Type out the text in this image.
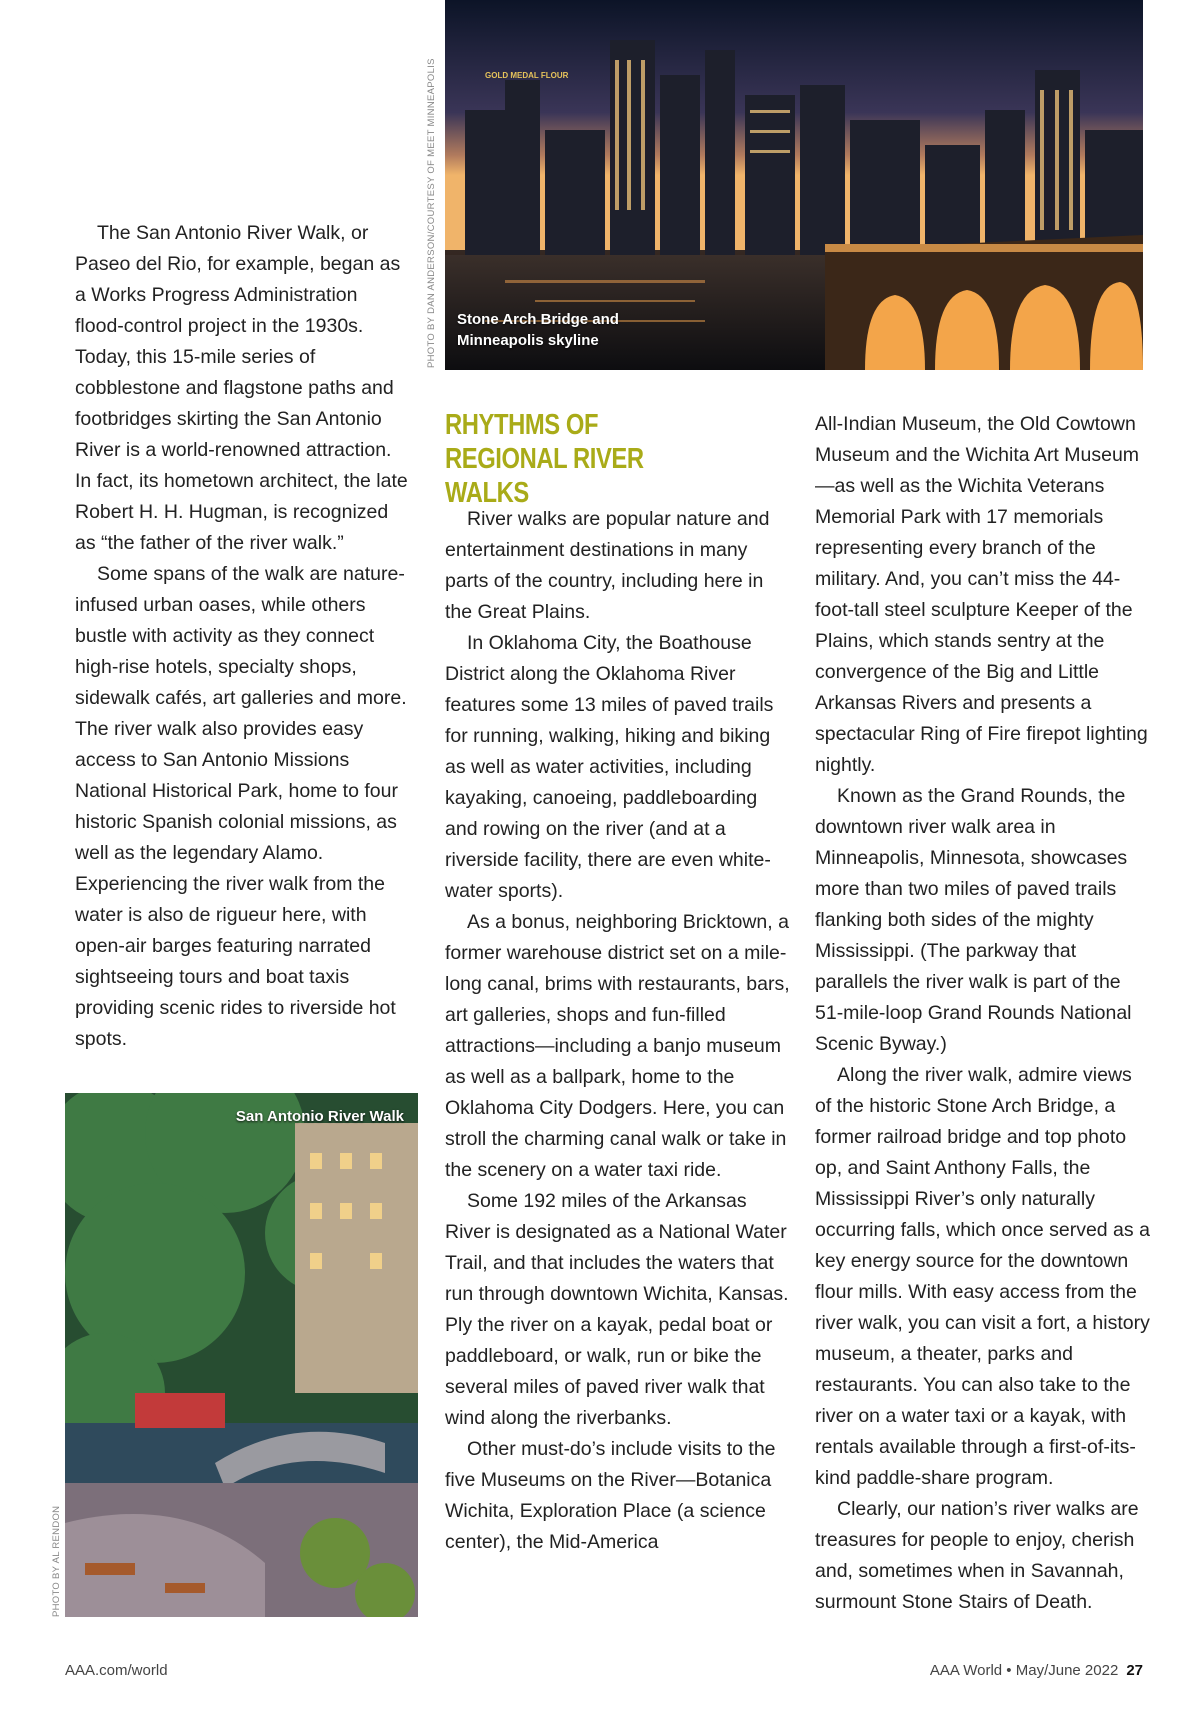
GOLD MEDAL FLOUR
Stone Arch Bridge and Minneapolis skyline
PHOTO BY DAN ANDERSON/COURTESY OF MEET MINNEAPOLIS

The San Antonio River Walk, or Paseo del Rio, for example, began as a Works Progress Administration flood-control project in the 1930s. Today, this 15-mile series of cobblestone and flagstone paths and footbridges skirting the San Antonio River is a world-renowned attraction. In fact, its hometown architect, the late Robert H. H. Hugman, is recognized as “the father of the river walk.”

Some spans of the walk are nature-infused urban oases, while others bustle with activity as they connect high-rise hotels, specialty shops, sidewalk cafés, art galleries and more. The river walk also provides easy access to San Antonio Missions National Historical Park, home to four historic Spanish colonial missions, as well as the legendary Alamo. Experiencing the river walk from the water is also de rigueur here, with open-air barges featuring narrated sightseeing tours and boat taxis providing scenic rides to riverside hot spots.

San Antonio River Walk
PHOTO BY AL RENDON
RHYTHMS OF REGIONAL RIVER WALKS

River walks are popular nature and entertainment destinations in many parts of the country, including here in the Great Plains.

In Oklahoma City, the Boathouse District along the Oklahoma River features some 13 miles of paved trails for running, walking, hiking and biking as well as water activities, including kayaking, canoeing, paddleboarding and rowing on the river (and at a riverside facility, there are even white-water sports).

As a bonus, neighboring Bricktown, a former warehouse district set on a mile-long canal, brims with restaurants, bars, art galleries, shops and fun-filled attractions—including a banjo museum as well as a ballpark, home to the Oklahoma City Dodgers. Here, you can stroll the charming canal walk or take in the scenery on a water taxi ride.

Some 192 miles of the Arkansas River is designated as a National Water Trail, and that includes the waters that run through downtown Wichita, Kansas. Ply the river on a kayak, pedal boat or paddleboard, or walk, run or bike the several miles of paved river walk that wind along the riverbanks.

Other must-do’s include visits to the five Museums on the River—Botanica Wichita, Exploration Place (a science center), the Mid-America

All-Indian Museum, the Old Cowtown Museum and the Wichita Art Museum —as well as the Wichita Veterans Memorial Park with 17 memorials representing every branch of the military. And, you can’t miss the 44-foot-tall steel sculpture Keeper of the Plains, which stands sentry at the convergence of the Big and Little Arkansas Rivers and presents a spectacular Ring of Fire firepot lighting nightly.

Known as the Grand Rounds, the downtown river walk area in Minneapolis, Minnesota, showcases more than two miles of paved trails flanking both sides of the mighty Mississippi. (The parkway that parallels the river walk is part of the 51-mile-loop Grand Rounds National Scenic Byway.)

Along the river walk, admire views of the historic Stone Arch Bridge, a former railroad bridge and top photo op, and Saint Anthony Falls, the Mississippi River’s only naturally occurring falls, which once served as a key energy source for the downtown flour mills. With easy access from the river walk, you can visit a fort, a history museum, a theater, parks and restaurants. You can also take to the river on a water taxi or a kayak, with rentals available through a first-of-its-kind paddle-share program.

Clearly, our nation’s river walks are treasures for people to enjoy, cherish and, sometimes when in Savannah, surmount Stone Stairs of Death.

AAA.com/world	AAA World • May/June 2022 27
